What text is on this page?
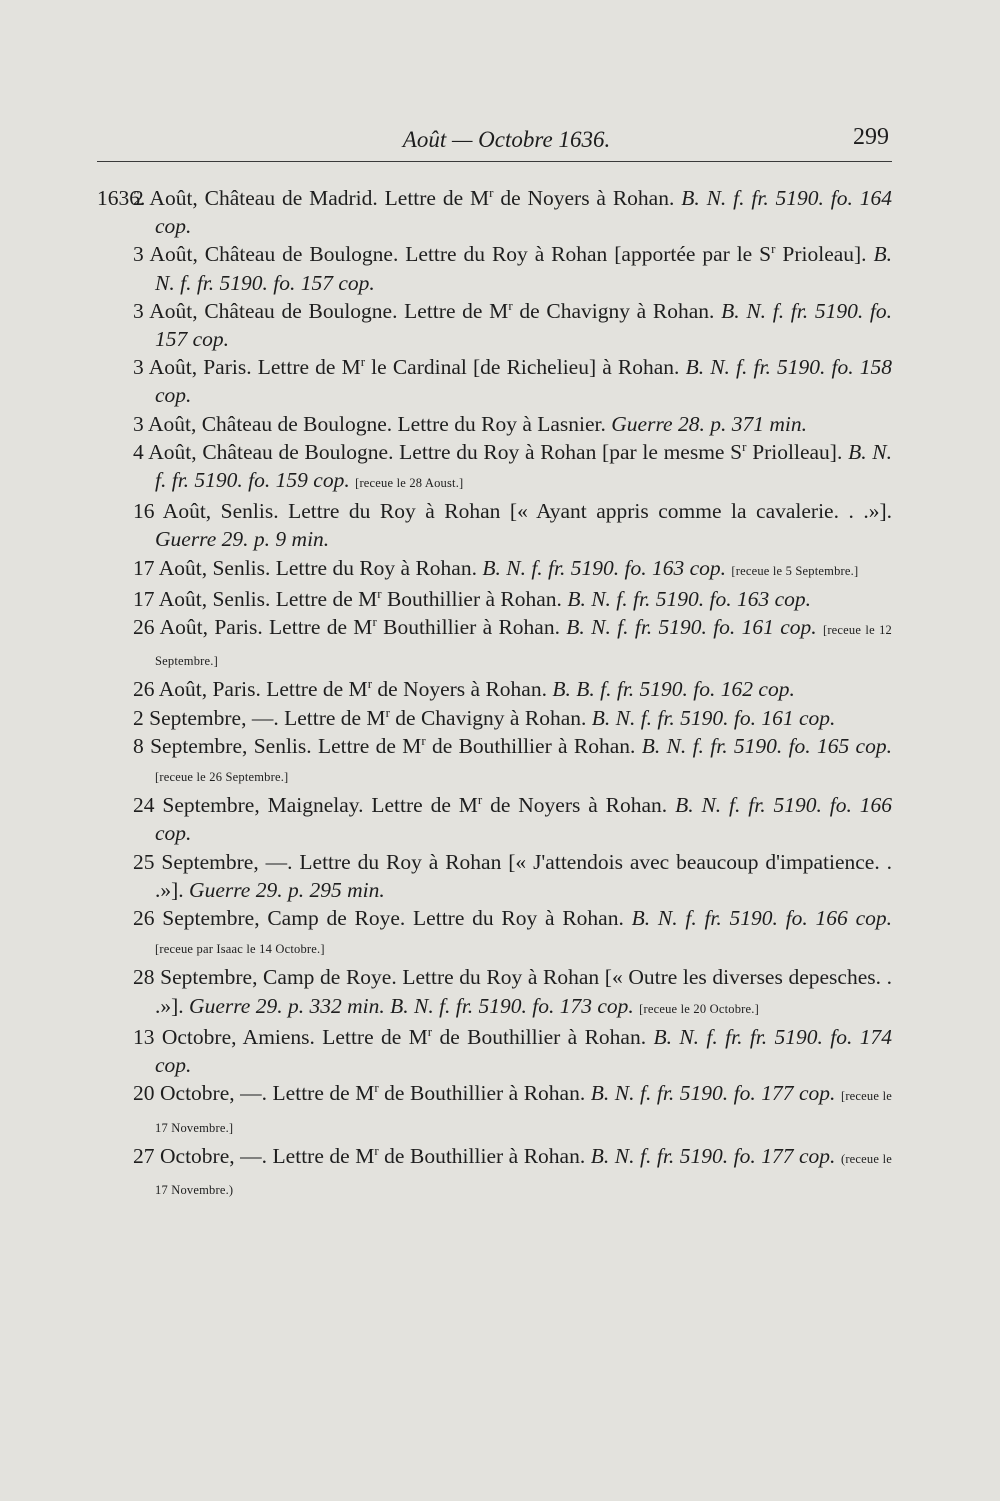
Août — Octobre 1636.	299
1636.
2 Août, Château de Madrid. Lettre de $M^r$ de Noyers à Rohan. B. N. f. fr. 5190. fo. 164 cop.
3 Août, Château de Boulogne. Lettre du Roy à Rohan [apportée par le $S^r$ Prioleau]. B. N. f. fr. 5190. fo. 157 cop.
3 Août, Château de Boulogne. Lettre de $M^r$ de Chavigny à Rohan. B. N. f. fr. 5190. fo. 157 cop.
3 Août, Paris. Lettre de $M^r$ le Cardinal [de Richelieu] à Rohan. B. N. f. fr. 5190. fo. 158 cop.
3 Août, Château de Boulogne. Lettre du Roy à Lasnier. Guerre 28. p. 371 min.
4 Août, Château de Boulogne. Lettre du Roy à Rohan [par le mesme $S^r$ Priolleau]. B. N. f. fr. 5190. fo. 159 cop. [receue le 28 Aoust.]
16 Août, Senlis. Lettre du Roy à Rohan [« Ayant appris comme la cavalerie. . .»]. Guerre 29. p. 9 min.
17 Août, Senlis. Lettre du Roy à Rohan. B. N. f. fr. 5190. fo. 163 cop. [receue le 5 Septembre.]
17 Août, Senlis. Lettre de $M^r$ Bouthillier à Rohan. B. N. f. fr. 5190. fo. 163 cop.
26 Août, Paris. Lettre de $M^r$ Bouthillier à Rohan. B. N. f. fr. 5190. fo. 161 cop. [receue le 12 Septembre.]
26 Août, Paris. Lettre de $M^r$ de Noyers à Rohan. B. B. f. fr. 5190. fo. 162 cop.
2 Septembre, —. Lettre de $M^r$ de Chavigny à Rohan. B. N. f. fr. 5190. fo. 161 cop.
8 Septembre, Senlis. Lettre de $M^r$ de Bouthillier à Rohan. B. N. f. fr. 5190. fo. 165 cop. [receue le 26 Septembre.]
24 Septembre, Maignelay. Lettre de $M^r$ de Noyers à Rohan. B. N. f. fr. 5190. fo. 166 cop.
25 Septembre, —. Lettre du Roy à Rohan [« J'attendois avec beaucoup d'impatience. . .»]. Guerre 29. p. 295 min.
26 Septembre, Camp de Roye. Lettre du Roy à Rohan. B. N. f. fr. 5190. fo. 166 cop. [receue par Isaac le 14 Octobre.]
28 Septembre, Camp de Roye. Lettre du Roy à Rohan [« Outre les diverses depesches. . .»]. Guerre 29. p. 332 min. B. N. f. fr. 5190. fo. 173 cop. [receue le 20 Octobre.]
13 Octobre, Amiens. Lettre de $M^r$ de Bouthillier à Rohan. B. N. f. fr. fr. 5190. fo. 174 cop.
20 Octobre, —. Lettre de $M^r$ de Bouthillier à Rohan. B. N. f. fr. 5190. fo. 177 cop. [receue le 17 Novembre.]
27 Octobre, —. Lettre de $M^r$ de Bouthillier à Rohan. B. N. f. fr. 5190. fo. 177 cop. (receue le 17 Novembre.)
